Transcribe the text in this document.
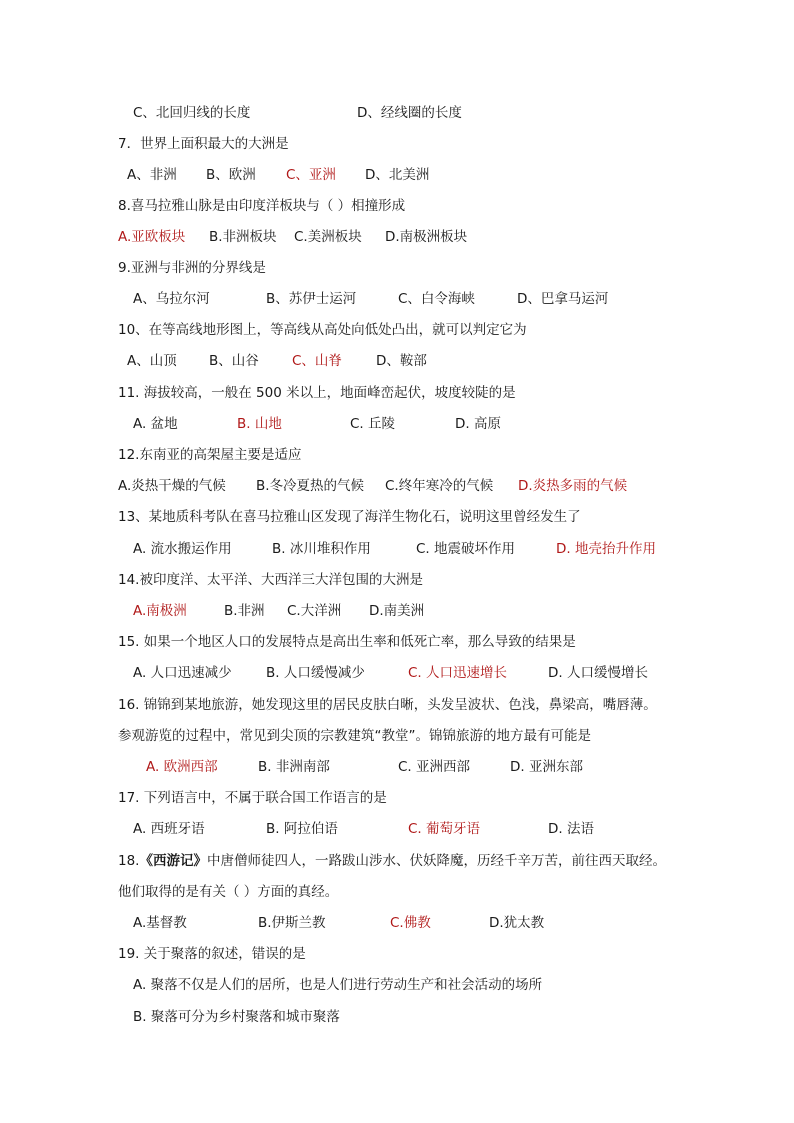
C、北回归线的长度	D、经线圈的长度
7．世界上面积最大的大洲是
A、非洲 B、欧洲 C、亚洲 D、北美洲
8.喜马拉雅山脉是由印度洋板块与（ ）相撞形成
A.亚欧板块 B.非洲板块 C.美洲板块 D.南极洲板块
9.亚洲与非洲的分界线是
A、乌拉尔河	B、苏伊士运河	C、白令海峡	D、巴拿马运河
10、在等高线地形图上，等高线从高处向低处凸出，就可以判定它为
A、山顶 B、山谷 C、山脊	D、鞍部
11. 海拔较高，一般在 500 米以上，地面峰峦起伏，坡度较陡的是
A. 盆地	B. 山地	C. 丘陵	D. 高原
12.东南亚的高架屋主要是适应
A.炎热干燥的气候 B.冬冷夏热的气候 C.终年寒冷的气候 D.炎热多雨的气候
13、某地质科考队在喜马拉雅山区发现了海洋生物化石，说明这里曾经发生了
A. 流水搬运作用	B. 冰川堆积作用	C. 地震破坏作用	D. 地壳抬升作用
14.被印度洋、太平洋、大西洋三大洋包围的大洲是
A.南极洲	B.非洲 C.大洋洲 D.南美洲
15. 如果一个地区人口的发展特点是高出生率和低死亡率，那么导致的结果是
A. 人口迅速减少	B. 人口缓慢减少	C. 人口迅速增长	D. 人口缓慢增长
16. 锦锦到某地旅游，她发现这里的居民皮肤白晰，头发呈波状、色浅，鼻梁高，嘴唇薄。
参观游览的过程中，常见到尖顶的宗教建筑“教堂”。锦锦旅游的地方最有可能是
A. 欧洲西部	B. 非洲南部	C. 亚洲西部	D. 亚洲东部
17. 下列语言中，不属于联合国工作语言的是
A. 西班牙语	B. 阿拉伯语	C. 葡萄牙语	D. 法语
18.《西游记》中唐僧师徒四人，一路跋山涉水、伏妖降魔，历经千辛万苦，前往西天取经。
他们取得的是有关（ ）方面的真经。
A.基督教	B.伊斯兰教	C.佛教	D.犹太教
19. 关于聚落的叙述，错误的是
A. 聚落不仅是人们的居所，也是人们进行劳动生产和社会活动的场所
B. 聚落可分为乡村聚落和城市聚落
